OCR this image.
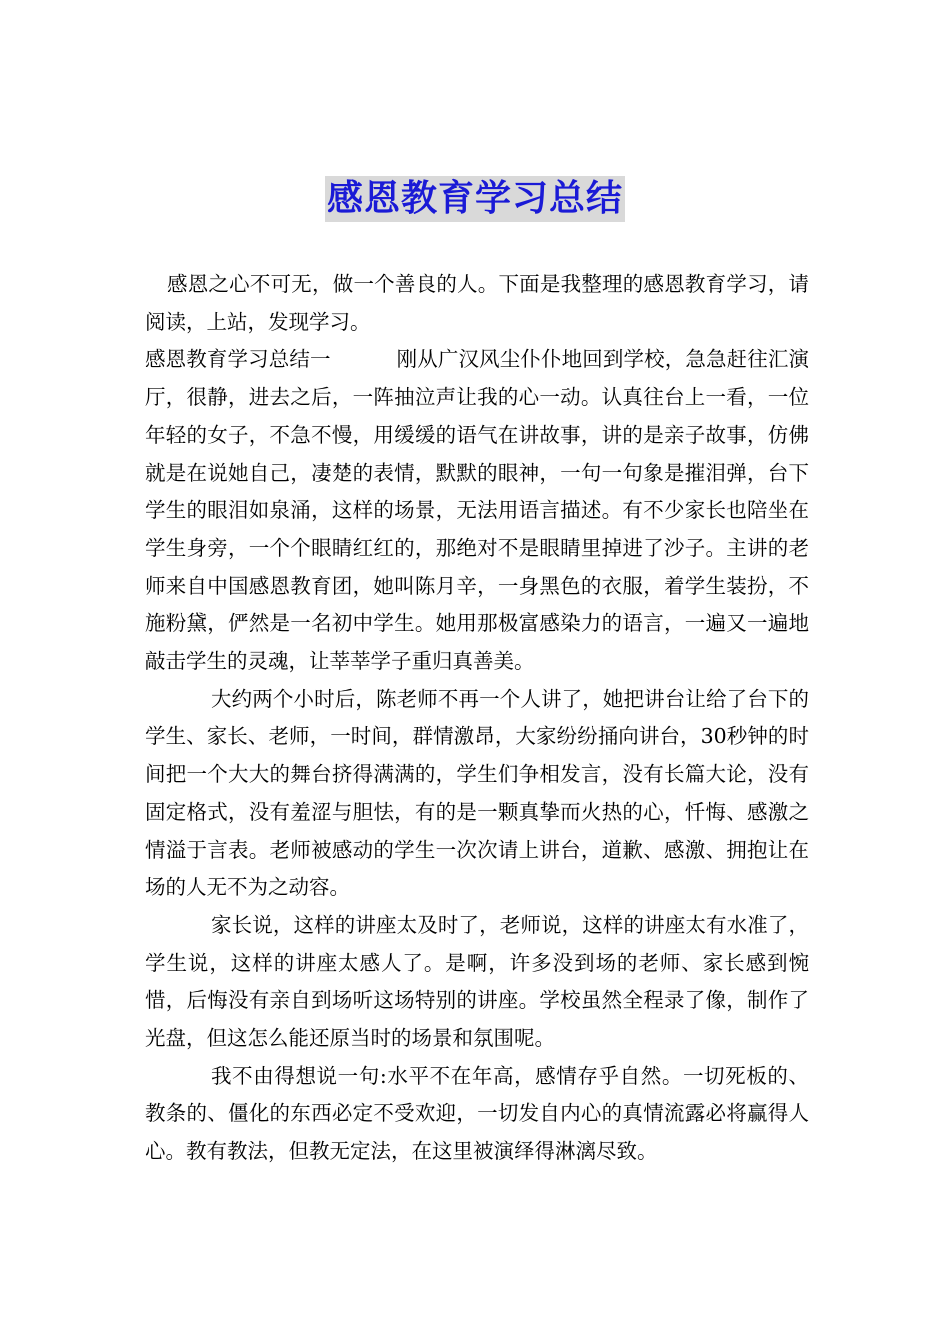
感恩教育学习总结

感恩之心不可无，做一个善良的人。下面是我整理的感恩教育学习，请阅读，上站，发现学习。

感恩教育学习总结一	刚从广汉风尘仆仆地回到学校，急急赶往汇演厅，很静，进去之后，一阵抽泣声让我的心一动。认真往台上一看，一位年轻的女子，不急不慢，用缓缓的语气在讲故事，讲的是亲子故事，仿佛就是在说她自己，凄楚的表情，默默的眼神，一句一句象是摧泪弹，台下学生的眼泪如泉涌，这样的场景，无法用语言描述。有不少家长也陪坐在学生身旁，一个个眼睛红红的，那绝对不是眼睛里掉进了沙子。主讲的老师来自中国感恩教育团，她叫陈月辛，一身黑色的衣服，着学生装扮，不施粉黛，俨然是一名初中学生。她用那极富感染力的语言，一遍又一遍地敲击学生的灵魂，让莘莘学子重归真善美。

大约两个小时后，陈老师不再一个人讲了，她把讲台让给了台下的学生、家长、老师，一时间，群情激昂，大家纷纷捅向讲台，30秒钟的时间把一个大大的舞台挤得满满的，学生们争相发言，没有长篇大论，没有固定格式，没有羞涩与胆怯，有的是一颗真挚而火热的心，忏悔、感激之情溢于言表。老师被感动的学生一次次请上讲台，道歉、感激、拥抱让在场的人无不为之动容。

家长说，这样的讲座太及时了，老师说，这样的讲座太有水准了，学生说，这样的讲座太感人了。是啊，许多没到场的老师、家长感到惋惜，后悔没有亲自到场听这场特别的讲座。学校虽然全程录了像，制作了光盘，但这怎么能还原当时的场景和氛围呢。

我不由得想说一句:水平不在年高，感情存乎自然。一切死板的、教条的、僵化的东西必定不受欢迎，一切发自内心的真情流露必将赢得人心。教有教法，但教无定法，在这里被演绎得淋漓尽致。
